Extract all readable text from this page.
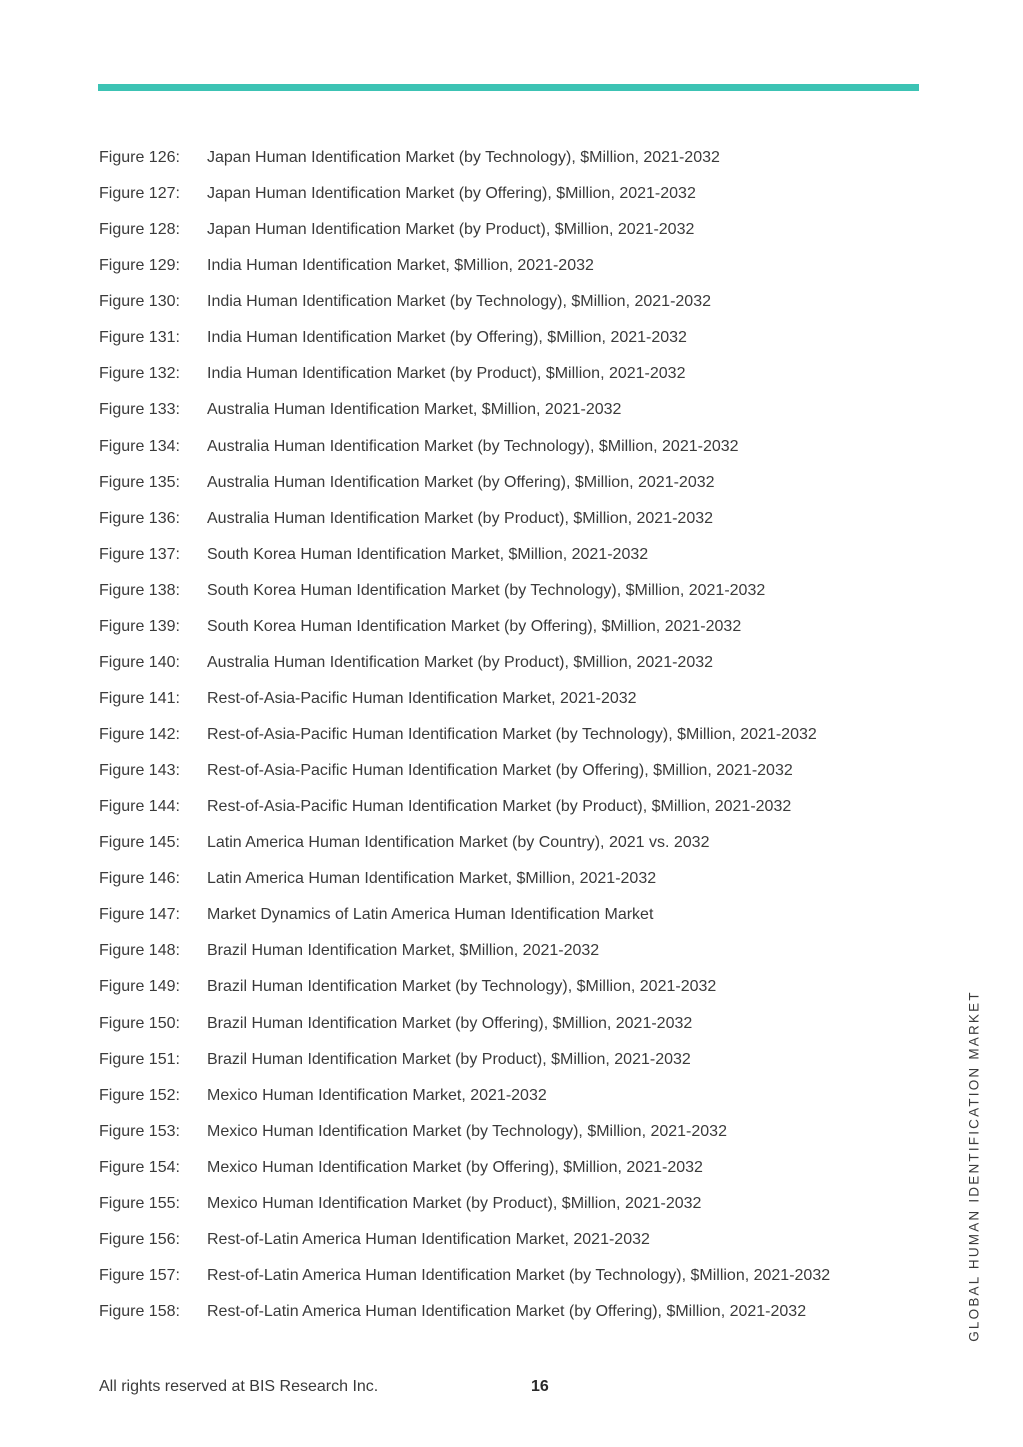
Figure 126:	Japan Human Identification Market (by Technology), $Million, 2021-2032
Figure 127:	Japan Human Identification Market (by Offering), $Million, 2021-2032
Figure 128:	Japan Human Identification Market (by Product), $Million, 2021-2032
Figure 129:	India Human Identification Market, $Million, 2021-2032
Figure 130:	India Human Identification Market (by Technology), $Million, 2021-2032
Figure 131:	India Human Identification Market (by Offering), $Million, 2021-2032
Figure 132:	India Human Identification Market (by Product), $Million, 2021-2032
Figure 133:	Australia Human Identification Market, $Million, 2021-2032
Figure 134:	Australia Human Identification Market (by Technology), $Million, 2021-2032
Figure 135:	Australia Human Identification Market (by Offering), $Million, 2021-2032
Figure 136:	Australia Human Identification Market (by Product), $Million, 2021-2032
Figure 137:	South Korea Human Identification Market, $Million, 2021-2032
Figure 138:	South Korea Human Identification Market (by Technology), $Million, 2021-2032
Figure 139:	South Korea Human Identification Market (by Offering), $Million, 2021-2032
Figure 140:	Australia Human Identification Market (by Product), $Million, 2021-2032
Figure 141:	Rest-of-Asia-Pacific Human Identification Market, 2021-2032
Figure 142:	Rest-of-Asia-Pacific Human Identification Market (by Technology), $Million, 2021-2032
Figure 143:	Rest-of-Asia-Pacific Human Identification Market (by Offering), $Million, 2021-2032
Figure 144:	Rest-of-Asia-Pacific Human Identification Market (by Product), $Million, 2021-2032
Figure 145:	Latin America Human Identification Market (by Country), 2021 vs. 2032
Figure 146:	Latin America Human Identification Market, $Million, 2021-2032
Figure 147:	Market Dynamics of Latin America Human Identification Market
Figure 148:	Brazil Human Identification Market, $Million, 2021-2032
Figure 149:	Brazil Human Identification Market (by Technology), $Million, 2021-2032
Figure 150:	Brazil Human Identification Market (by Offering), $Million, 2021-2032
Figure 151:	Brazil Human Identification Market (by Product), $Million, 2021-2032
Figure 152:	Mexico Human Identification Market, 2021-2032
Figure 153:	Mexico Human Identification Market (by Technology), $Million, 2021-2032
Figure 154:	Mexico Human Identification Market (by Offering), $Million, 2021-2032
Figure 155:	Mexico Human Identification Market (by Product), $Million, 2021-2032
Figure 156:	Rest-of-Latin America Human Identification Market, 2021-2032
Figure 157:	Rest-of-Latin America Human Identification Market (by Technology), $Million, 2021-2032
Figure 158:	Rest-of-Latin America Human Identification Market (by Offering), $Million, 2021-2032	GLOBAL HUMAN IDENTIFICATION MARKET
All rights reserved at BIS Research Inc.	16
